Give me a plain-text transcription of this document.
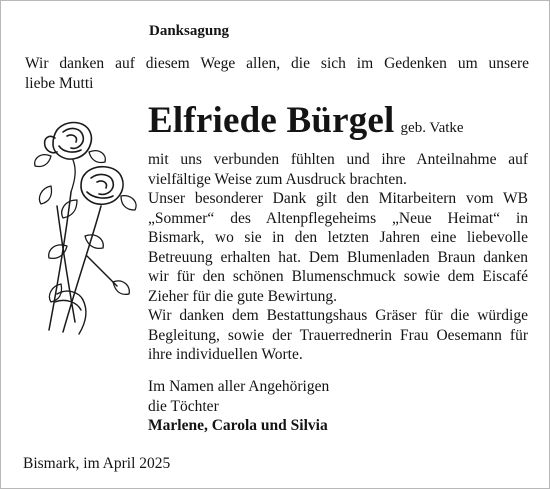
Danksagung
Wir danken auf diesem Wege allen, die sich im Gedenken um unsere
liebe Mutti
Elfriede Bürgel geb. Vatke
mit uns verbunden fühlten und ihre Anteilnahme auf vielfältige Weise zum Ausdruck brachten.
Unser besonderer Dank gilt den Mitarbeitern vom WB „Sommer“ des Altenpflegeheims „Neue Heimat“ in Bismark, wo sie in den letzten Jahren eine liebevolle Betreuung erhalten hat. Dem Blumenladen Braun danken wir für den schönen Blumenschmuck sowie dem Eiscafé Zieher für die gute Bewirtung.
Wir danken dem Bestattungshaus Gräser für die würdige Begleitung, sowie der Trauerrednerin Frau Oesemann für ihre individuellen Worte.
Im Namen aller Angehörigen
die Töchter
Marlene, Carola und Silvia
Bismark, im April 2025
